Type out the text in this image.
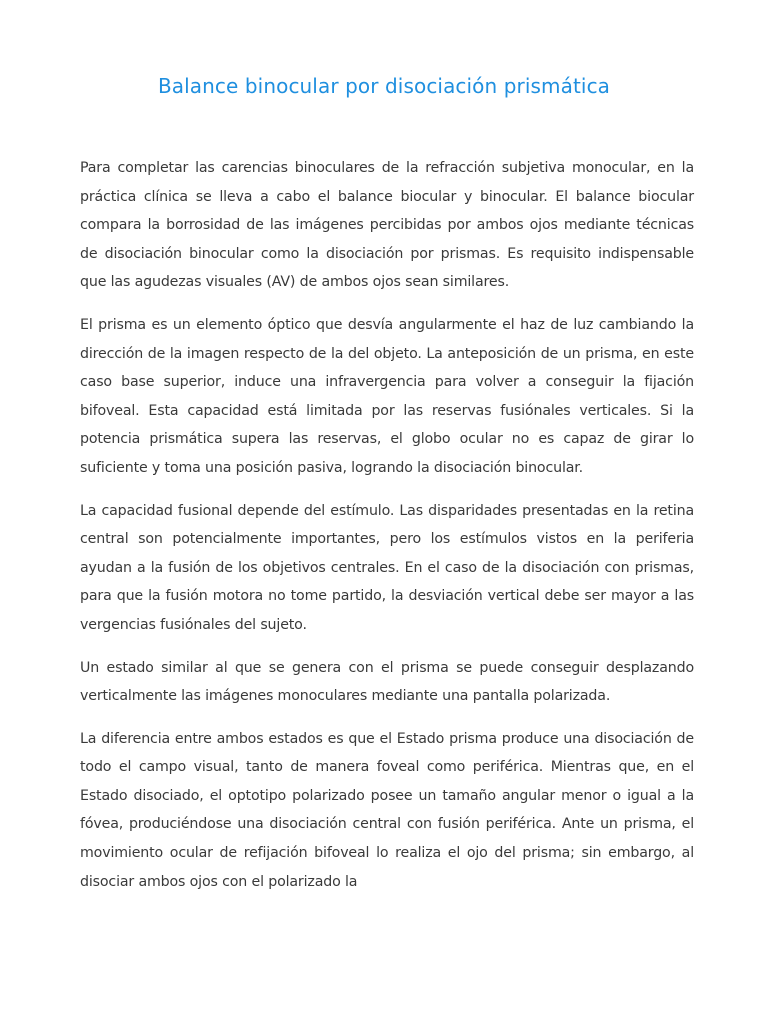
Balance binocular por disociación prismática

Para completar las carencias binoculares de la refracción subjetiva monocular, en la práctica clínica se lleva a cabo el balance biocular y binocular. El balance biocular compara la borrosidad de las imágenes percibidas por ambos ojos mediante técnicas de disociación binocular como la disociación por prismas. Es requisito indispensable que las agudezas visuales (AV) de ambos ojos sean similares.

El prisma es un elemento óptico que desvía angularmente el haz de luz cambiando la dirección de la imagen respecto de la del objeto. La anteposición de un prisma, en este caso base superior, induce una infravergencia para volver a conseguir la fijación bifoveal. Esta capacidad está limitada por las reservas fusiónales verticales. Si la potencia prismática supera las reservas, el globo ocular no es capaz de girar lo suficiente y toma una posición pasiva, logrando la disociación binocular.

La capacidad fusional depende del estímulo. Las disparidades presentadas en la retina central son potencialmente importantes, pero los estímulos vistos en la periferia ayudan a la fusión de los objetivos centrales. En el caso de la disociación con prismas, para que la fusión motora no tome partido, la desviación vertical debe ser mayor a las vergencias fusiónales del sujeto.

Un estado similar al que se genera con el prisma se puede conseguir desplazando verticalmente las imágenes monoculares mediante una pantalla polarizada.

La diferencia entre ambos estados es que el Estado prisma produce una disociación de todo el campo visual, tanto de manera foveal como periférica. Mientras que, en el Estado disociado, el optotipo polarizado posee un tamaño angular menor o igual a la fóvea, produciéndose una disociación central con fusión periférica. Ante un prisma, el movimiento ocular de refijación bifoveal lo realiza el ojo del prisma; sin embargo, al disociar ambos ojos con el polarizado la
